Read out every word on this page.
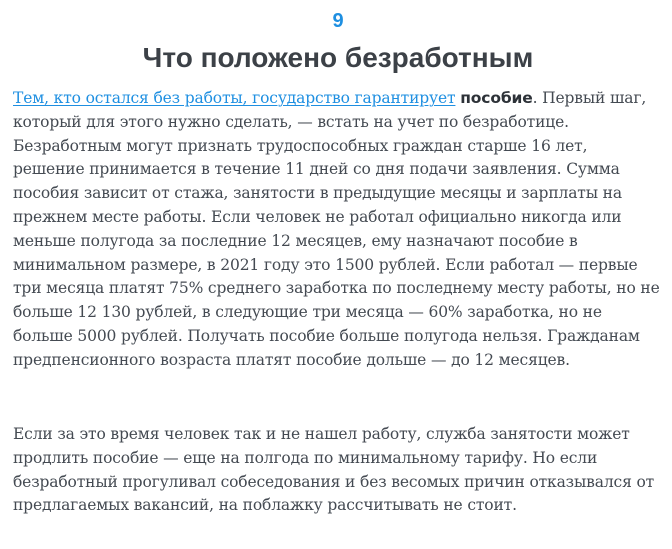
9
Что положено безработным

Тем, кто остался без работы, государство гарантирует пособие. Первый шаг, который для этого нужно сделать, — встать на учет по безработице. Безработным могут признать трудоспособных граждан старше 16 лет, решение принимается в течение 11 дней со дня подачи заявления. Сумма пособия зависит от стажа, занятости в предыдущие месяцы и зарплаты на прежнем месте работы. Если человек не работал официально никогда или меньше полугода за последние 12 месяцев, ему назначают пособие в минимальном размере, в 2021 году это 1500 рублей. Если работал — первые три месяца платят 75% среднего заработка по последнему месту работы, но не больше 12 130 рублей, в следующие три месяца — 60% заработка, но не больше 5000 рублей. Получать пособие больше полугода нельзя. Гражданам предпенсионного возраста платят пособие дольше — до 12 месяцев.

Если за это время человек так и не нашел работу, служба занятости может продлить пособие — еще на полгода по минимальному тарифу. Но если безработный прогуливал собеседования и без весомых причин отказывался от предлагаемых вакансий, на поблажку рассчитывать не стоит.
